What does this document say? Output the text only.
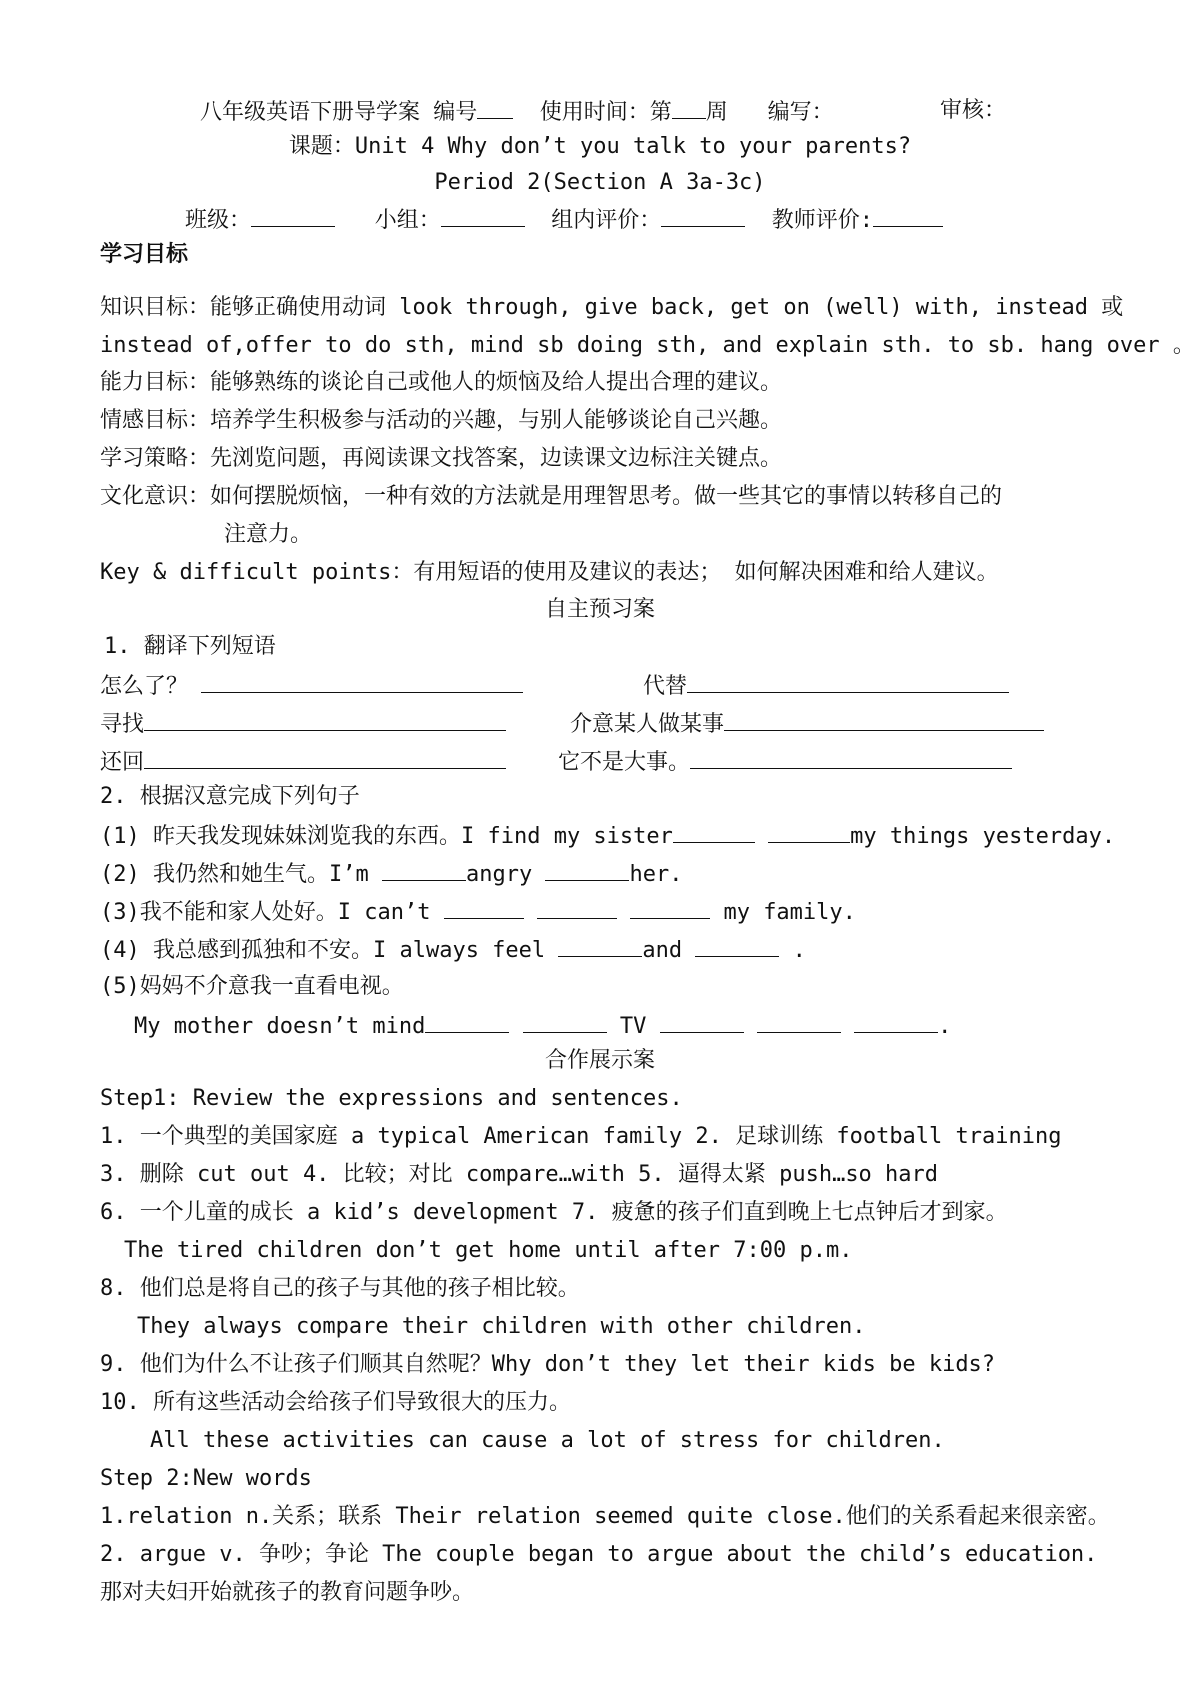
八年级英语下册导学案 编号	使用时间：第 周 编写：	审核：
课题：Unit 4 Why don’t you talk to your parents?
Period 2(Section A 3a-3c)
班级：	小组：	组内评价：	教师评价:
学习目标
知识目标：能够正确使用动词 look through, give back, get on (well) with, instead 或
instead of,offer to do sth, mind sb doing sth, and explain sth. to sb. hang over 。
能力目标：能够熟练的谈论自己或他人的烦恼及给人提出合理的建议。
情感目标：培养学生积极参与活动的兴趣，与别人能够谈论自己兴趣。
学习策略：先浏览问题，再阅读课文找答案，边读课文边标注关键点。
文化意识：如何摆脱烦恼，一种有效的方法就是用理智思考。做一些其它的事情以转移自己的
注意力。
Key & difficult points：有用短语的使用及建议的表达； 如何解决困难和给人建议。
自主预习案
1. 翻译下列短语
怎么了？	代替
寻找	介意某人做某事
还回	它不是大事。
2. 根据汉意完成下列句子
(1) 昨天我发现妹妹浏览我的东西。I find my sister	my things yesterday.
(2) 我仍然和她生气。I’m	angry	her.
(3)我不能和家人处好。I can’t	my family.
(4) 我总感到孤独和不安。I always feel	and	.
(5)妈妈不介意我一直看电视。
My mother doesn’t mind	TV	.
合作展示案
Step1: Review the expressions and sentences.
1. 一个典型的美国家庭 a typical American family 2. 足球训练 football training
3. 删除 cut out 4. 比较；对比 compare…with 5. 逼得太紧 push…so hard
6. 一个儿童的成长 a kid’s development 7. 疲惫的孩子们直到晚上七点钟后才到家。
The tired children don’t get home until after 7:00 p.m.
8. 他们总是将自己的孩子与其他的孩子相比较。
They always compare their children with other children.
9. 他们为什么不让孩子们顺其自然呢？Why don’t they let their kids be kids?
10. 所有这些活动会给孩子们导致很大的压力。
All these activities can cause a lot of stress for children.
Step 2:New words
1.relation n.关系；联系 Their relation seemed quite close.他们的关系看起来很亲密。
2. argue v. 争吵；争论 The couple began to argue about the child’s education.
那对夫妇开始就孩子的教育问题争吵。
